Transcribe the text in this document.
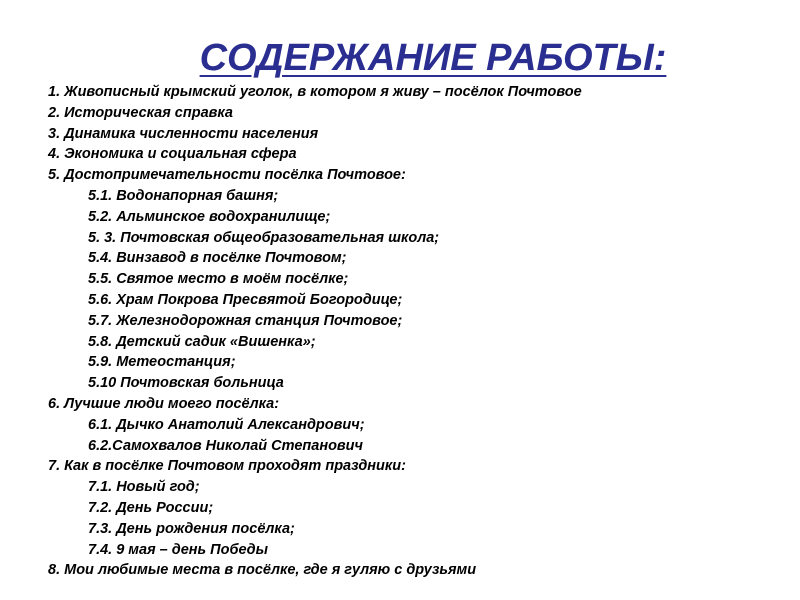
СОДЕРЖАНИЕ РАБОТЫ:
1. Живописный крымский уголок, в котором я живу – посёлок Почтовое
2. Историческая справка
3. Динамика численности населения
4. Экономика и социальная сфера
5. Достопримечательности посёлка Почтовое:
5.1. Водонапорная башня;
5.2. Альминское водохранилище;
5. 3. Почтовская общеобразовательная школа;
5.4. Винзавод в посёлке Почтовом;
5.5. Святое место в моём посёлке;
5.6. Храм Покрова Пресвятой Богородице;
5.7. Железнодорожная станция Почтовое;
5.8. Детский садик «Вишенка»;
5.9. Метеостанция;
5.10 Почтовская больница
6. Лучшие люди моего посёлка:
6.1. Дычко Анатолий Александрович;
6.2.Самохвалов Николай Степанович
7. Как в посёлке Почтовом проходят праздники:
7.1. Новый год;
7.2. День России;
7.3. День рождения посёлка;
7.4. 9 мая – день Победы
8. Мои любимые места в посёлке, где я гуляю с друзьями
